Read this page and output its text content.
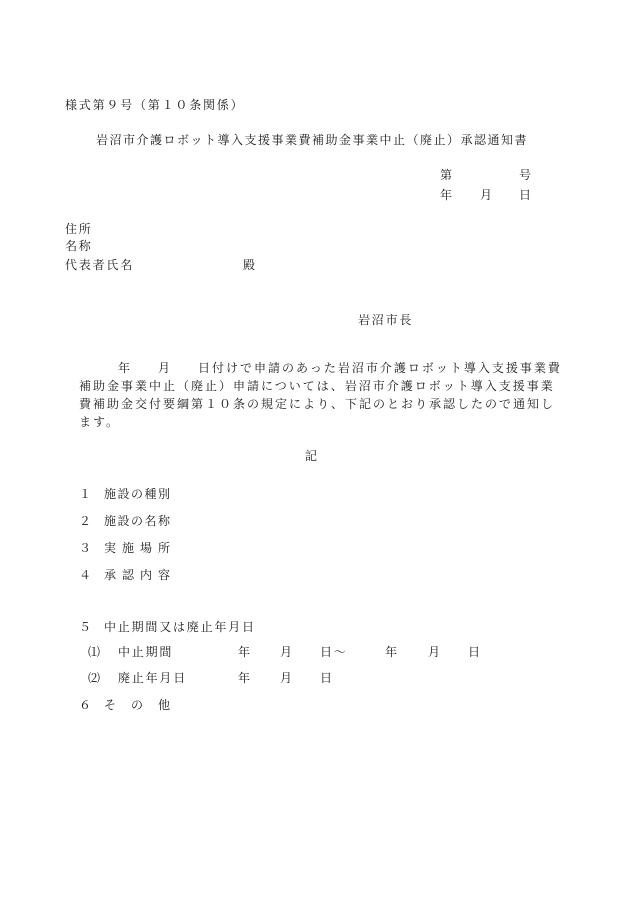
様式第９号（第１０条関係）
岩沼市介護ロボット導入支援事業費補助金事業中止（廃止）承認通知書
第	号
年 月 日
住所
名称
代表者氏名	殿
岩沼市長
年 月 日付けで申請のあった岩沼市介護ロボット導入支援事業費
補助金事業中止（廃止）申請については、岩沼市介護ロボット導入支援事業
費補助金交付要綱第１０条の規定により、下記のとおり承認したので通知し
ます。
記
１ 施 設 の 種 別
２ 施 設 の 名 称
３ 実 施 場 所
４ 承 認 内 容
５ 中止期間又は廃止年月日
⑴ 中止期間	年 月 日～	年 月 日
⑵ 廃止年月日	年 月 日
６ そ の 他
